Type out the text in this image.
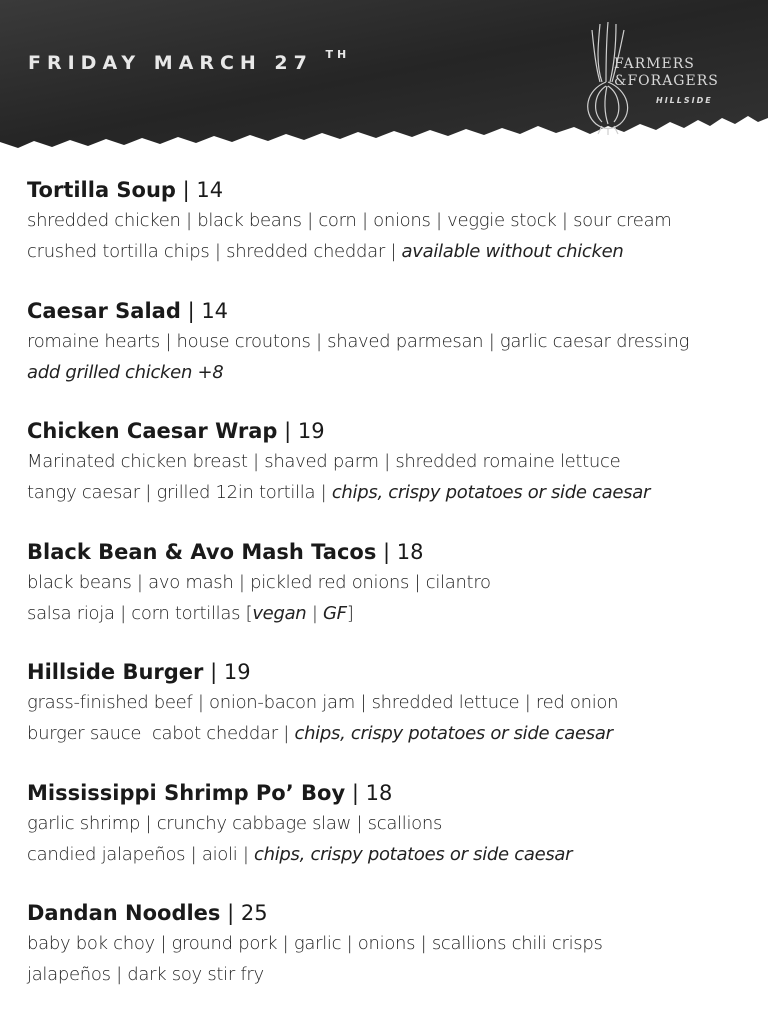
FRIDAY MARCH 27 $^{TH}$
FARMERS
&FORAGERS
HILLSIDE
Tortilla Soup | 14
shredded chicken | black beans | corn | onions | veggie stock | sour cream
crushed tortilla chips | shredded cheddar | available without chicken
Caesar Salad | 14
romaine hearts | house croutons | shaved parmesan | garlic caesar dressing
add grilled chicken +8
Chicken Caesar Wrap | 19
Marinated chicken breast | shaved parm | shredded romaine lettuce
tangy caesar | grilled 12in tortilla | chips, crispy potatoes or side caesar
Black Bean & Avo Mash Tacos | 18
black beans | avo mash | pickled red onions | cilantro
salsa rioja | corn tortillas [vegan | GF]
Hillside Burger | 19
grass-finished beef | onion-bacon jam | shredded lettuce | red onion
burger sauce  cabot cheddar | chips, crispy potatoes or side caesar
Mississippi Shrimp Po’ Boy | 18
garlic shrimp | crunchy cabbage slaw | scallions
candied jalapeños | aioli | chips, crispy potatoes or side caesar
Dandan Noodles | 25
baby bok choy | ground pork | garlic | onions | scallions chili crisps
jalapeños | dark soy stir fry
